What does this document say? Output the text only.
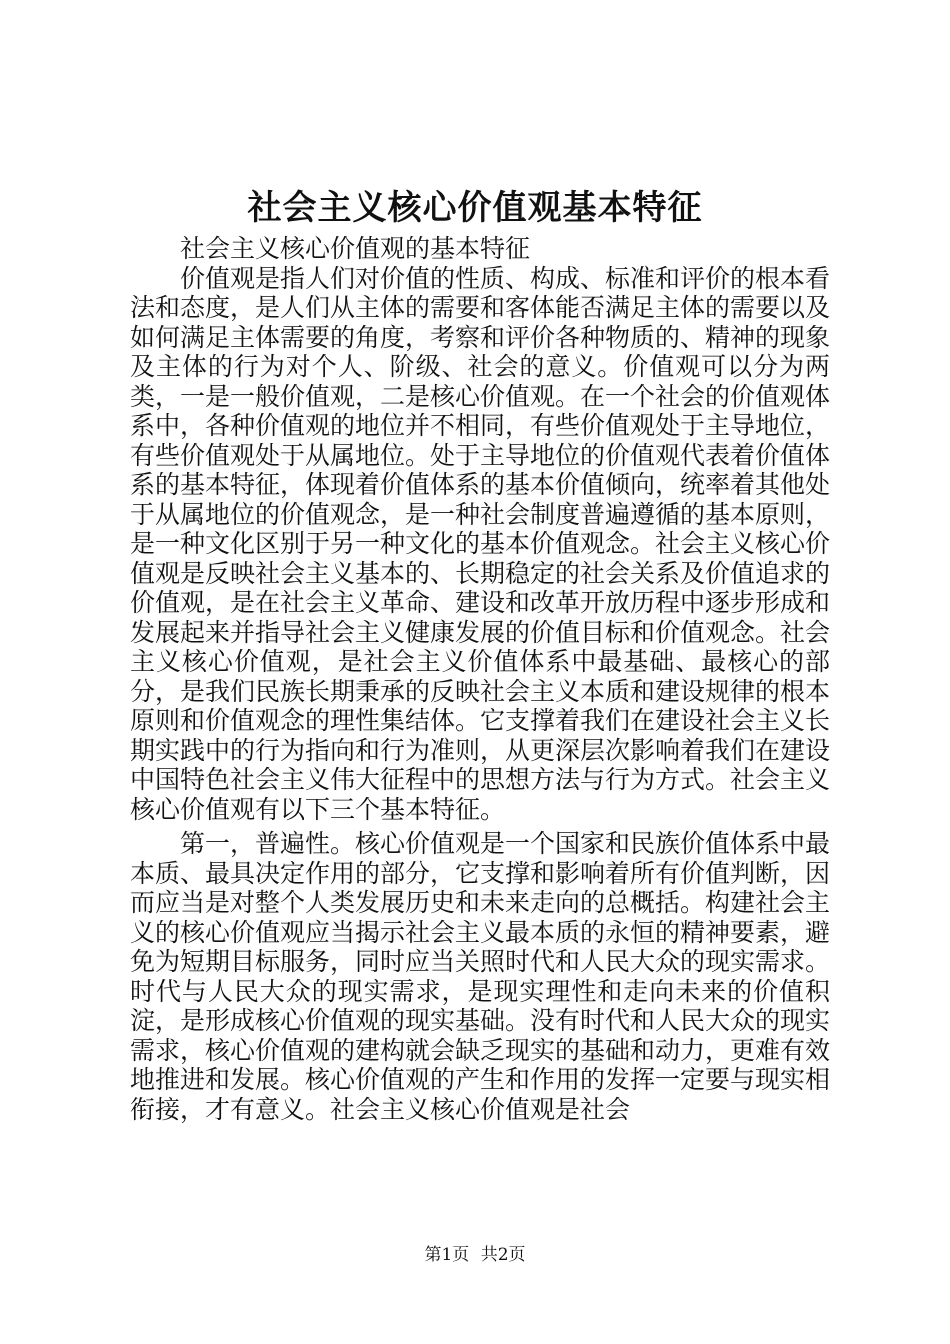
社会主义核心价值观基本特征

社会主义核心价值观的基本特征

价值观是指人们对价值的性质、构成、标准和评价的根本看法和态度，是人们从主体的需要和客体能否满足主体的需要以及如何满足主体需要的角度，考察和评价各种物质的、精神的现象及主体的行为对个人、阶级、社会的意义。价值观可以分为两类，一是一般价值观，二是核心价值观。在一个社会的价值观体系中，各种价值观的地位并不相同，有些价值观处于主导地位，有些价值观处于从属地位。处于主导地位的价值观代表着价值体系的基本特征，体现着价值体系的基本价值倾向，统率着其他处于从属地位的价值观念，是一种社会制度普遍遵循的基本原则，是一种文化区别于另一种文化的基本价值观念。社会主义核心价值观是反映社会主义基本的、长期稳定的社会关系及价值追求的价值观，是在社会主义革命、建设和改革开放历程中逐步形成和发展起来并指导社会主义健康发展的价值目标和价值观念。社会主义核心价值观，是社会主义价值体系中最基础、最核心的部分，是我们民族长期秉承的反映社会主义本质和建设规律的根本原则和价值观念的理性集结体。它支撑着我们在建设社会主义长期实践中的行为指向和行为准则，从更深层次影响着我们在建设中国特色社会主义伟大征程中的思想方法与行为方式。社会主义核心价值观有以下三个基本特征。

第一，普遍性。核心价值观是一个国家和民族价值体系中最本质、最具决定作用的部分，它支撑和影响着所有价值判断，因而应当是对整个人类发展历史和未来走向的总概括。构建社会主义的核心价值观应当揭示社会主义最本质的永恒的精神要素，避免为短期目标服务，同时应当关照时代和人民大众的现实需求。时代与人民大众的现实需求，是现实理性和走向未来的价值积淀，是形成核心价值观的现实基础。没有时代和人民大众的现实需求，核心价值观的建构就会缺乏现实的基础和动力，更难有效地推进和发展。核心价值观的产生和作用的发挥一定要与现实相衔接，才有意义。社会主义核心价值观是社会

第1页 共2页
